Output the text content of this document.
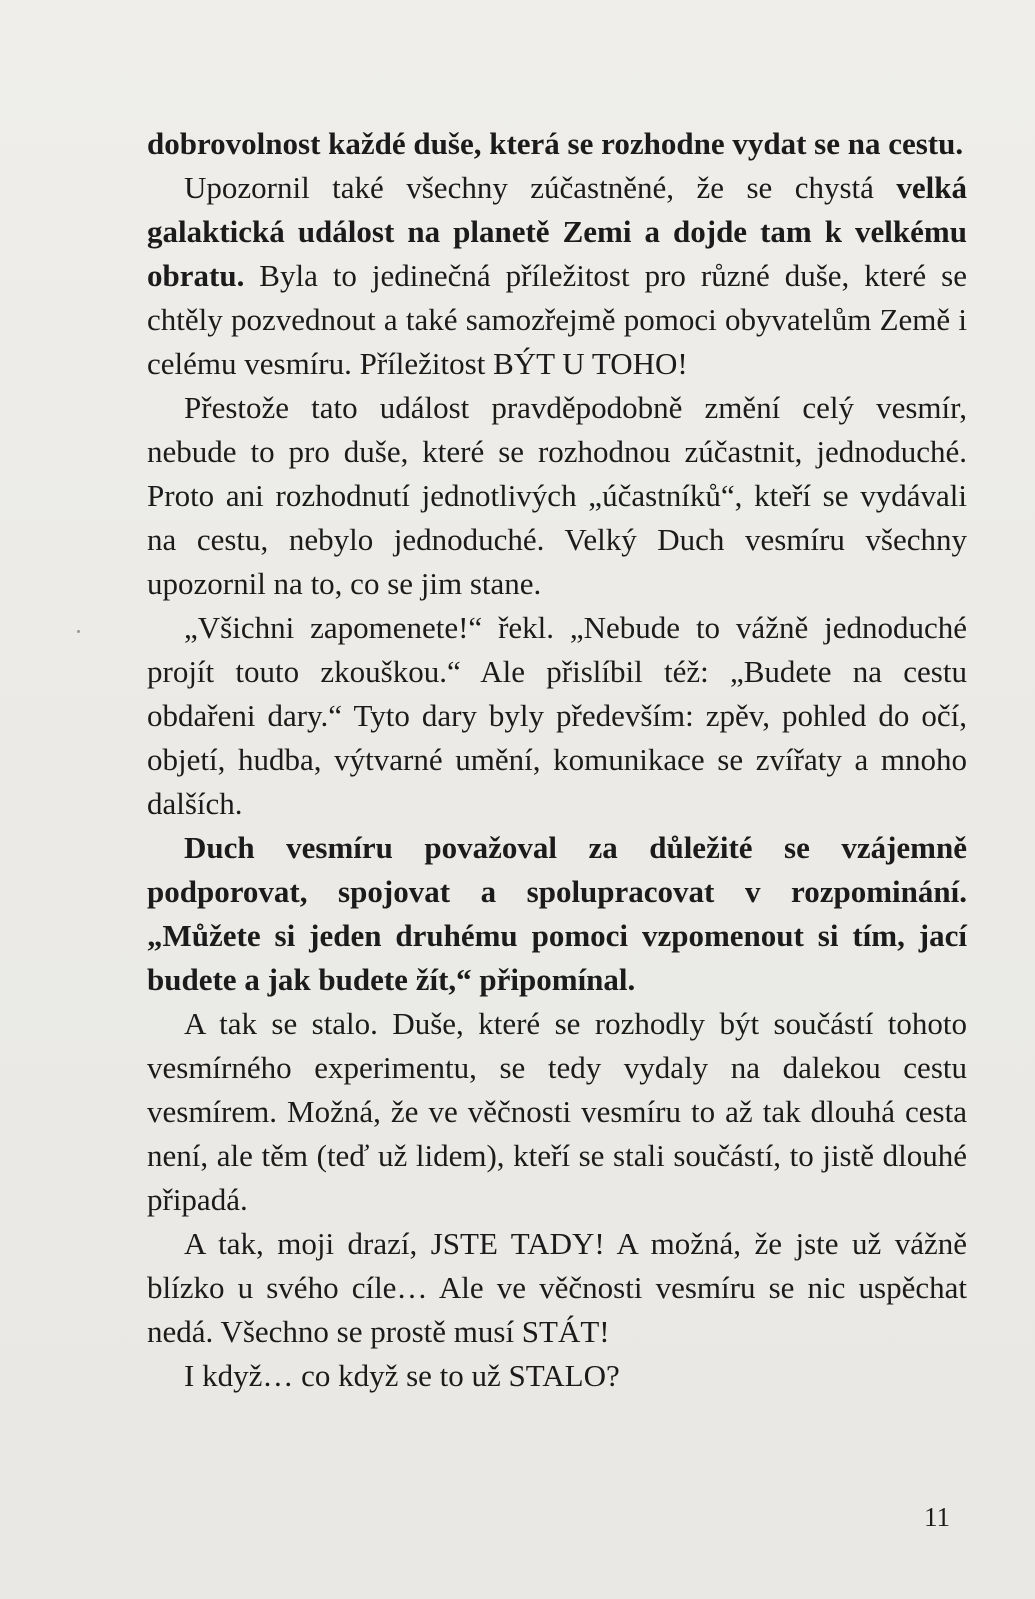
dobrovolnost každé duše, která se rozhodne vydat se na cestu.

Upozornil také všechny zúčastněné, že se chystá velká galaktická událost na planetě Zemi a dojde tam k velkému obratu. Byla to jedinečná příležitost pro různé duše, které se chtěly pozvednout a také samozřejmě pomoci obyvatelům Země i celému vesmíru. Příležitost BÝT U TOHO!

Přestože tato událost pravděpodobně změní celý vesmír, nebude to pro duše, které se rozhodnou zúčastnit, jednoduché. Proto ani rozhodnutí jednotlivých „účastníků“, kteří se vydávali na cestu, nebylo jednoduché. Velký Duch vesmíru všechny upozornil na to, co se jim stane.

„Všichni zapomenete!“ řekl. „Nebude to vážně jednoduché projít touto zkouškou.“ Ale přislíbil též: „Budete na cestu obdařeni dary.“ Tyto dary byly především: zpěv, pohled do očí, objetí, hudba, výtvarné umění, komunikace se zvířaty a mnoho dalších.

Duch vesmíru považoval za důležité se vzájemně podporovat, spojovat a spolupracovat v rozpominání. „Můžete si jeden druhému pomoci vzpomenout si tím, jací budete a jak budete žít,“ připomínal.

A tak se stalo. Duše, které se rozhodly být součástí tohoto vesmírného experimentu, se tedy vydaly na dalekou cestu vesmírem. Možná, že ve věčnosti vesmíru to až tak dlouhá cesta není, ale těm (teď už lidem), kteří se stali součástí, to jistě dlouhé připadá.

A tak, moji drazí, JSTE TADY! A možná, že jste už vážně blízko u svého cíle… Ale ve věčnosti vesmíru se nic uspěchat nedá. Všechno se prostě musí STÁT!

I když… co když se to už STALO?

11
